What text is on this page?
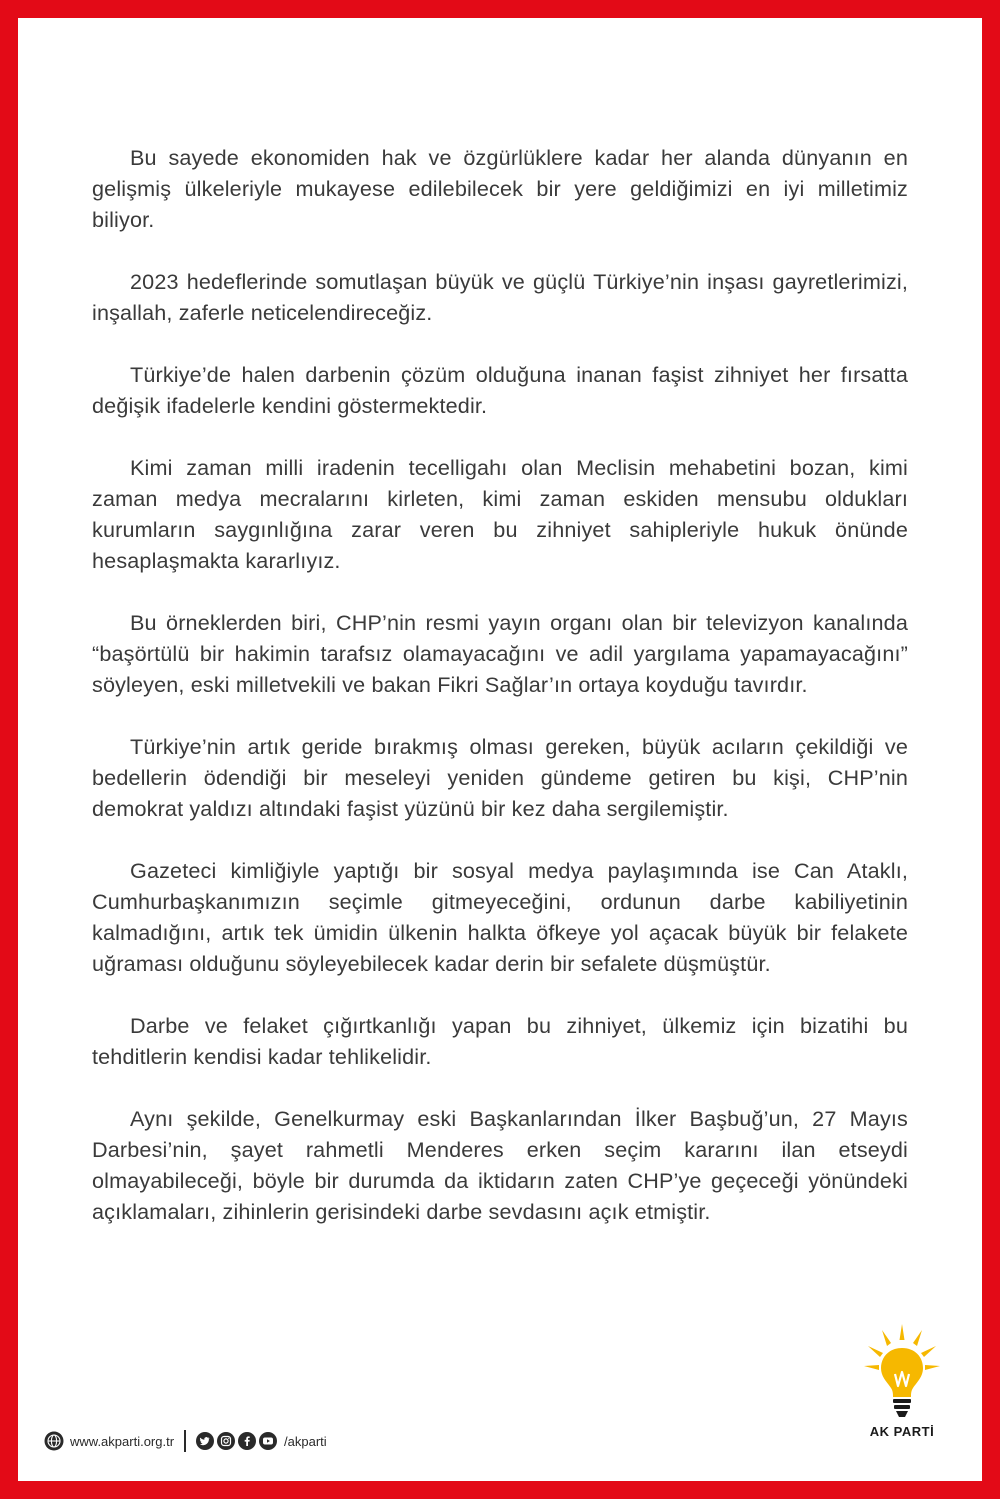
Bu sayede ekonomiden hak ve özgürlüklere kadar her alanda dünyanın en gelişmiş ülkeleriyle mukayese edilebilecek bir yere geldiğimizi en iyi milletimiz biliyor.

2023 hedeflerinde somutlaşan büyük ve güçlü Türkiye’nin inşası gayretlerimizi, inşallah, zaferle neticelendireceğiz.

Türkiye’de halen darbenin çözüm olduğuna inanan faşist zihniyet her fırsatta değişik ifadelerle kendini göstermektedir.

Kimi zaman milli iradenin tecelligahı olan Meclisin mehabetini bozan, kimi zaman medya mecralarını kirleten, kimi zaman eskiden mensubu oldukları kurumların saygınlığına zarar veren bu zihniyet sahipleriyle hukuk önünde hesaplaşmakta kararlıyız.

Bu örneklerden biri, CHP’nin resmi yayın organı olan bir televizyon kanalında “başörtülü bir hakimin tarafsız olamayacağını ve adil yargılama yapamayacağını” söyleyen, eski milletvekili ve bakan Fikri Sağlar’ın ortaya koyduğu tavırdır.

Türkiye’nin artık geride bırakmış olması gereken, büyük acıların çekildiği ve bedellerin ödendiği bir meseleyi yeniden gündeme getiren bu kişi, CHP’nin demokrat yaldızı altındaki faşist yüzünü bir kez daha sergilemiştir.

Gazeteci kimliğiyle yaptığı bir sosyal medya paylaşımında ise Can Ataklı, Cumhurbaşkanımızın seçimle gitmeyeceğini, ordunun darbe kabiliyetinin kalmadığını, artık tek ümidin ülkenin halkta öfkeye yol açacak büyük bir felakete uğraması olduğunu söyleyebilecek kadar derin bir sefalete düşmüştür.

Darbe ve felaket çığırtkanlığı yapan bu zihniyet, ülkemiz için bizatihi bu tehditlerin kendisi kadar tehlikelidir.

Aynı şekilde, Genelkurmay eski Başkanlarından İlker Başbuğ’un, 27 Mayıs Darbesi’nin, şayet rahmetli Menderes erken seçim kararını ilan etseydi olmayabileceği, böyle bir durumda da iktidarın zaten CHP’ye geçeceği yönündeki açıklamaları, zihinlerin gerisindeki darbe sevdasını açık etmiştir.

www.akparti.org.tr	/akparti
AK PARTİ
